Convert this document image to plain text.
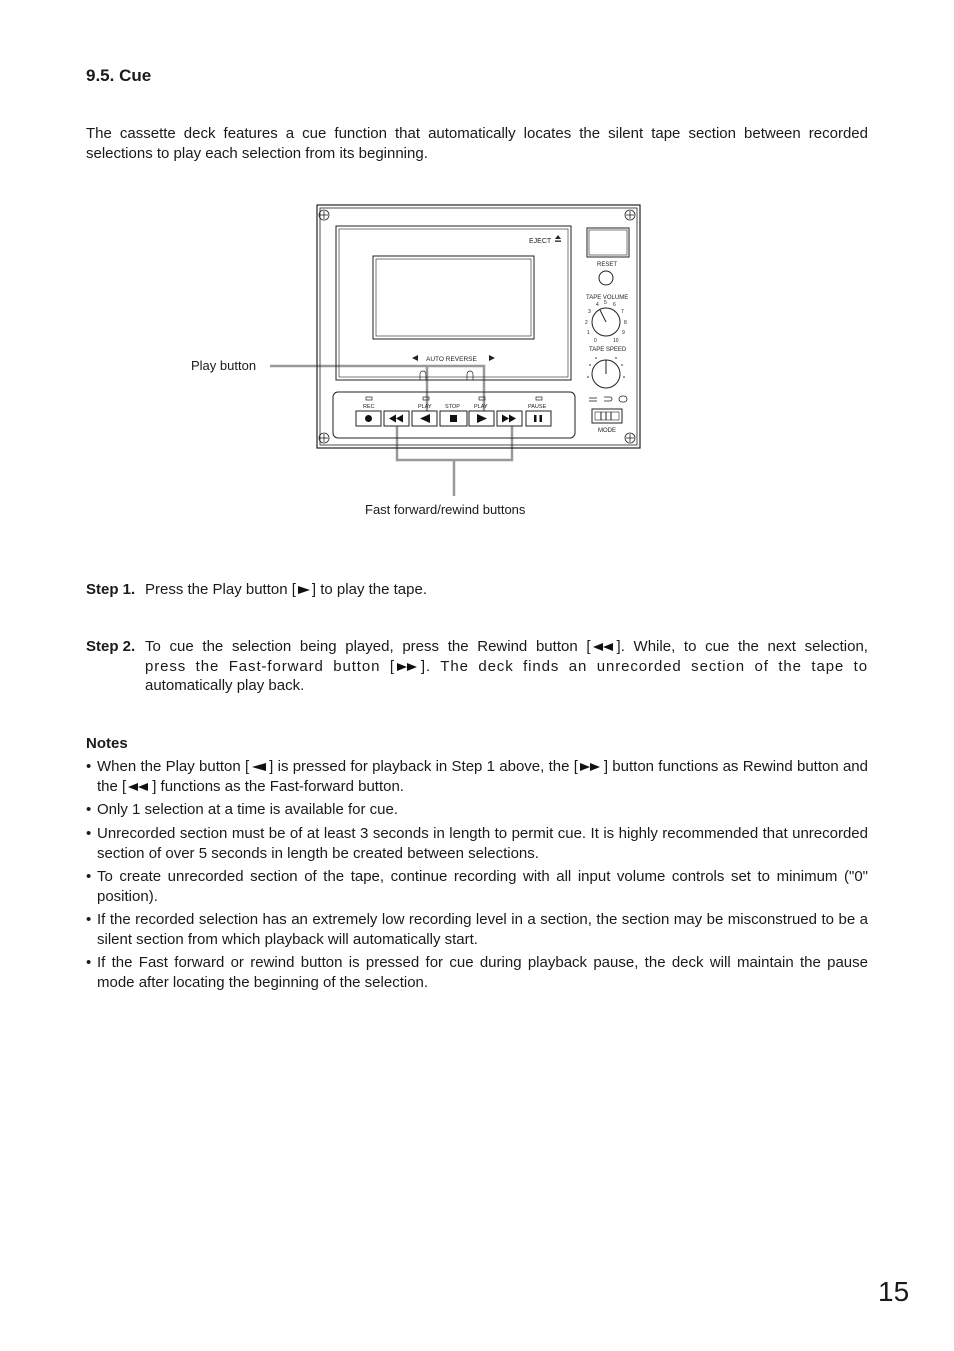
9.5. Cue
The cassette deck features a cue function that automatically locates the silent tape section between recorded selections to play each selection from its beginning.
Play button
Fast forward/rewind buttons
EJECT
AUTO REVERSE
RESET
TAPE VOLUME
0
1
2
3
4 5 6
7
8
9
10
TAPE SPEED
MODE
REC	PLAY STOP	PLAY	PAUSE
Step 1. Press the Play button [ ] to play the tape.
Step 2. To cue the selection being played, press the Rewind button [ ]. While, to cue the next selection,
press the Fast-forward button [ ]. The deck finds an unrecorded section of the tape to
automatically play back.
Notes
• When the Play button [ ] is pressed for playback in Step 1 above, the [ ] button functions as Rewind button and the [ ] functions as the Fast-forward button.
• Only 1 selection at a time is available for cue.
• Unrecorded section must be of at least 3 seconds in length to permit cue. It is highly recommended that unrecorded section of over 5 seconds in length be created between selections.
• To create unrecorded section of the tape, continue recording with all input volume controls set to minimum ("0" position).
• If the recorded selection has an extremely low recording level in a section, the section may be misconstrued to be a silent section from which playback will automatically start.
• If the Fast forward or rewind button is pressed for cue during playback pause, the deck will maintain the pause mode after locating the beginning of the selection.
15
